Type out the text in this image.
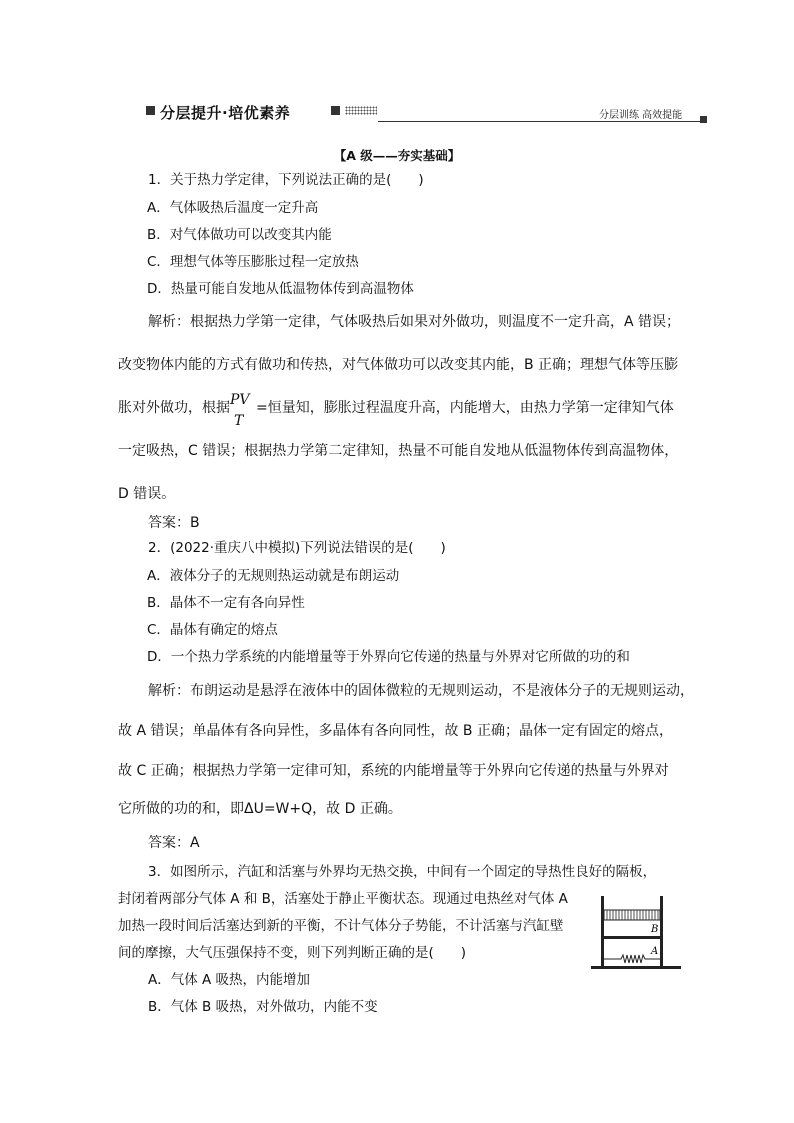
分层提升·培优素养	分层训练 高效提能
【A 级——夯实基础】
1．关于热力学定律，下列说法正确的是(　　)
A．气体吸热后温度一定升高
B．对气体做功可以改变其内能
C．理想气体等压膨胀过程一定放热
D．热量可能自发地从低温物体传到高温物体
解析：根据热力学第一定律，气体吸热后如果对外做功，则温度不一定升高，A 错误；
改变物体内能的方式有做功和传热，对气体做功可以改变其内能，B 正确；理想气体等压膨
胀对外做功，根据 PV
T
=恒量知，膨胀过程温度升高，内能增大，由热力学第一定律知气体
一定吸热，C 错误；根据热力学第二定律知，热量不可能自发地从低温物体传到高温物体，
D 错误。
答案：B
2．(2022·重庆八中模拟)下列说法错误的是(　　)
A．液体分子的无规则热运动就是布朗运动
B．晶体不一定有各向异性
C．晶体有确定的熔点
D．一个热力学系统的内能增量等于外界向它传递的热量与外界对它所做的功的和
解析：布朗运动是悬浮在液体中的固体微粒的无规则运动，不是液体分子的无规则运动，
故 A 错误；单晶体有各向异性，多晶体有各向同性，故 B 正确；晶体一定有固定的熔点，
故 C 正确；根据热力学第一定律可知，系统的内能增量等于外界向它传递的热量与外界对
它所做的功的和，即ΔU=W+Q，故 D 正确。
答案：A
3．如图所示，汽缸和活塞与外界均无热交换，中间有一个固定的导热性良好的隔板，
封闭着两部分气体 A 和 B，活塞处于静止平衡状态。现通过电热丝对气体 A
加热一段时间后活塞达到新的平衡，不计气体分子势能，不计活塞与汽缸壁
间的摩擦，大气压强保持不变，则下列判断正确的是(　　)
A．气体 A 吸热，内能增加
B．气体 B 吸热，对外做功，内能不变
B
A
